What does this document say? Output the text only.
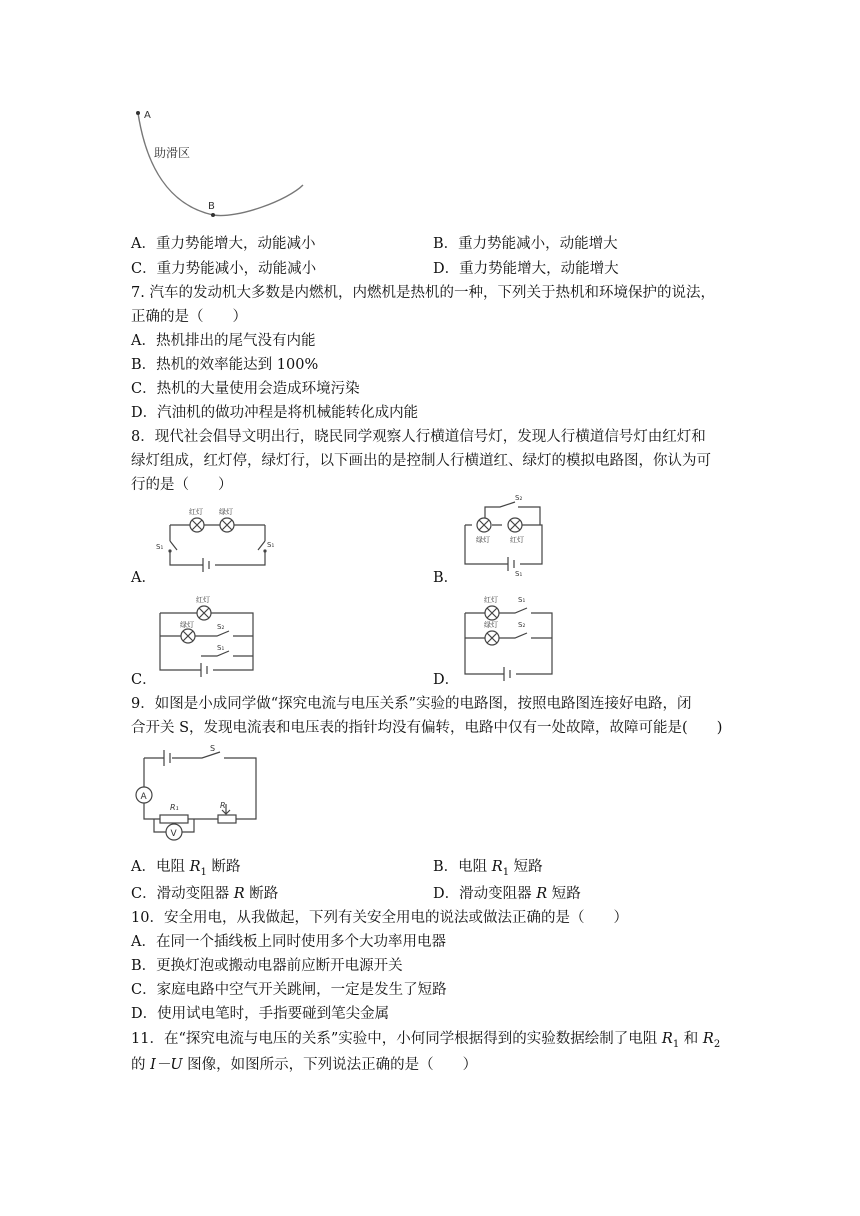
A
B
助滑区
A．重力势能增大，动能减小	B．重力势能减小，动能增大
C．重力势能减小，动能减小	D．重力势能增大，动能增大
7. 汽车的发动机大多数是内燃机，内燃机是热机的一种，下列关于热机和环境保护的说法，
正确的是（　　）
A．热机排出的尾气没有内能
B．热机的效率能达到 100%
C．热机的大量使用会造成环境污染
D．汽油机的做功冲程是将机械能转化成内能
8．现代社会倡导文明出行，晓民同学观察人行横道信号灯，发现人行横道信号灯由红灯和
绿灯组成，红灯停，绿灯行，以下画出的是控制人行横道红、绿灯的模拟电路图，你认为可
行的是（　　）
红灯 绿灯
S₁	S₁
A．
S₂
绿灯	红灯
S₁
B．
红灯
绿灯	S₂
S₁
C．
红灯	S₁
绿灯	S₂
D．
9．如图是小成同学做“探究电流与电压关系”实验的电路图，按照电路图连接好电路，闭
合开关 S，发现电流表和电压表的指针均没有偏转，电路中仅有一处故障，故障可能是(　　)
A
V
S
R₁	R
A．电阻 $R_1$ 断路	B．电阻 $R_1$ 短路
C．滑动变阻器 R 断路	D．滑动变阻器 R 短路
10．安全用电，从我做起，下列有关安全用电的说法或做法正确的是（　　）
A．在同一个插线板上同时使用多个大功率用电器
B．更换灯泡或搬动电器前应断开电源开关
C．家庭电路中空气开关跳闸，一定是发生了短路
D．使用试电笔时，手指要碰到笔尖金属
11．在“探究电流与电压的关系”实验中，小何同学根据得到的实验数据绘制了电阻 $R_1$ 和 $R_2$
的 I－U 图像，如图所示，下列说法正确的是（　　）
